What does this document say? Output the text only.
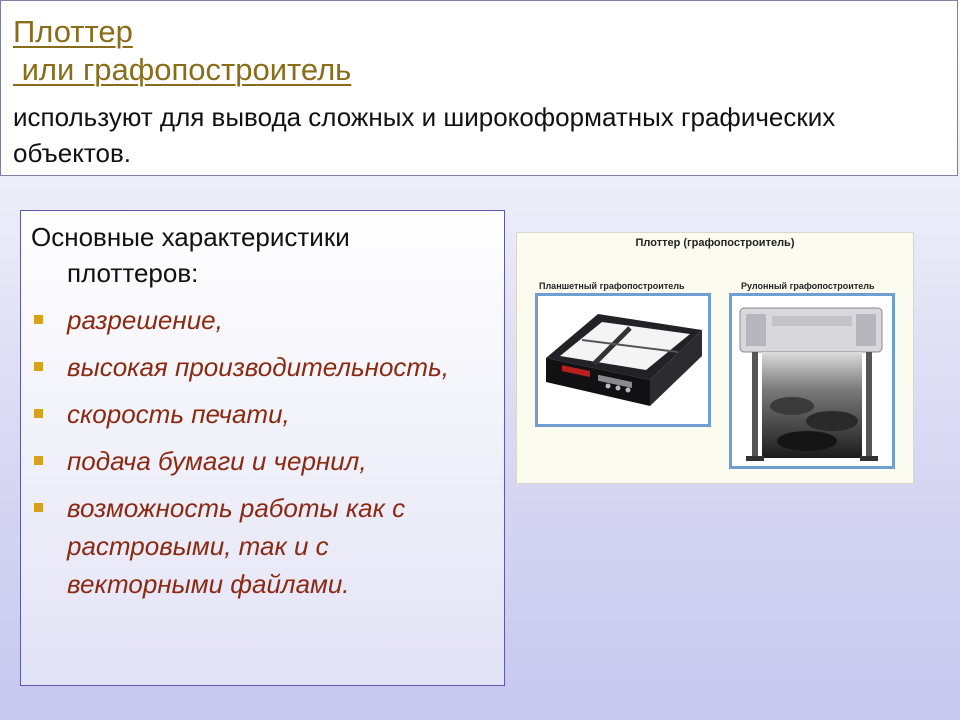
Плоттер
или графопостроитель

используют для вывода сложных и широкоформатных графических объектов.

Основные характеристики
плоттеров:
разрешение,
высокая производительность,
скорость печати,
подача бумаги и чернил,
возможность работы как с растровыми, так и с векторными файлами.
Плоттер (графопостроитель)
Планшетный графопостроитель	Рулонный графопостроитель
